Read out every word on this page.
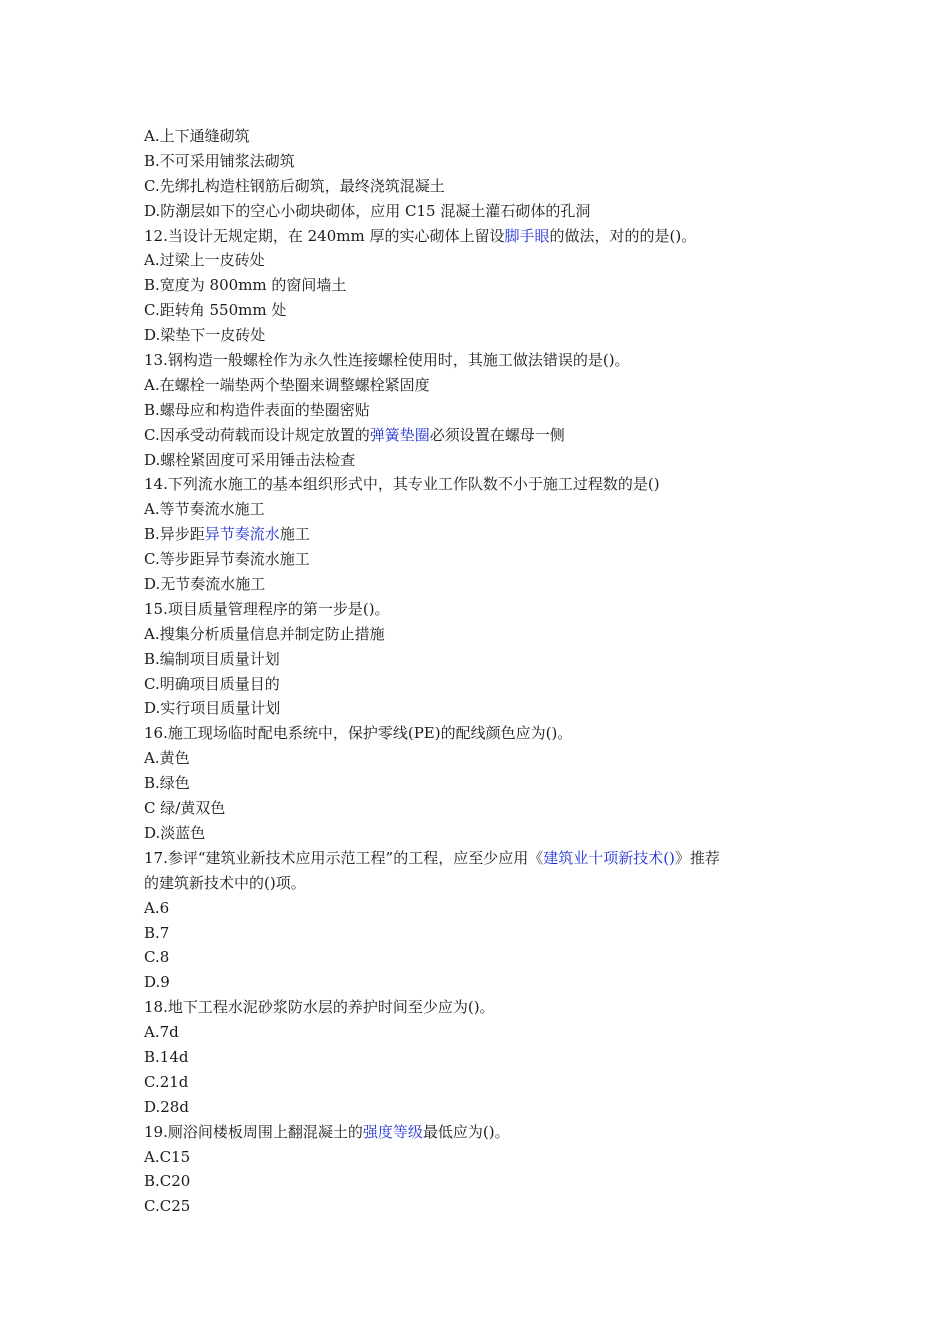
A.上下通缝砌筑
B.不可采用铺浆法砌筑
C.先绑扎构造柱钢筋后砌筑，最终浇筑混凝土
D.防潮层如下的空心小砌块砌体，应用 C15 混凝土灌石砌体的孔洞
12.当设计无规定期，在 240mm 厚的实心砌体上留设脚手眼的做法，对的的是()。
A.过梁上一皮砖处
B.宽度为 800mm 的窗间墙土
C.距转角 550mm 处
D.梁垫下一皮砖处
13.钢构造一般螺栓作为永久性连接螺栓使用时，其施工做法错误的是()。
A.在螺栓一端垫两个垫圈来调整螺栓紧固度
B.螺母应和构造件表面的垫圈密贴
C.因承受动荷载而设计规定放置的弹簧垫圈必须设置在螺母一侧
D.螺栓紧固度可采用锤击法检查
14.下列流水施工的基本组织形式中，其专业工作队数不小于施工过程数的是()
A.等节奏流水施工
B.异步距异节奏流水施工
C.等步距异节奏流水施工
D.无节奏流水施工
15.项目质量管理程序的第一步是()。
A.搜集分析质量信息并制定防止措施
B.编制项目质量计划
C.明确项目质量目的
D.实行项目质量计划
16.施工现场临时配电系统中，保护零线(PE)的配线颜色应为()。
A.黄色
B.绿色
C 绿/黄双色
D.淡蓝色
17.参评“建筑业新技术应用示范工程”的工程，应至少应用《建筑业十项新技术()》推荐
的建筑新技术中的()项。
A.6
B.7
C.8
D.9
18.地下工程水泥砂浆防水层的养护时间至少应为()。
A.7d
B.14d
C.21d
D.28d
19.厕浴间楼板周围上翻混凝土的强度等级最低应为()。
A.C15
B.C20
C.C25
